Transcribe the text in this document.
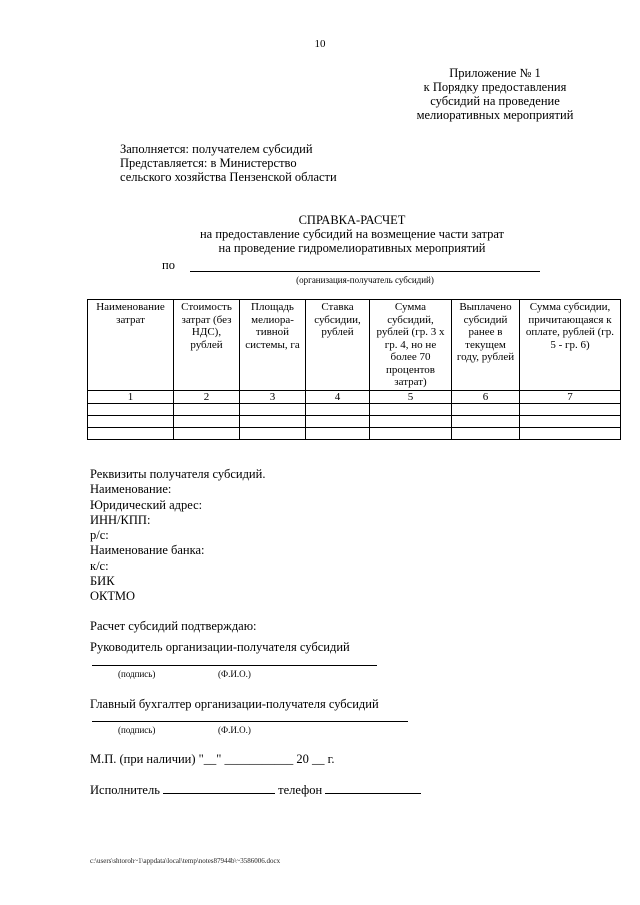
10
Приложение № 1
к Порядку предоставления
субсидий на проведение
мелиоративных мероприятий
Заполняется: получателем субсидий
Представляется: в Министерство
сельского хозяйства Пензенской области
СПРАВКА-РАСЧЕТ
на предоставление субсидий на возмещение части затрат
на проведение гидромелиоративных мероприятий
по
(организация-получатель субсидий)
Наименование затрат	Стоимость затрат (без НДС), рублей	Площадь мелиора-тивной системы, га	Ставка субсидии, рублей	Сумма субсидий, рублей (гр. 3 x гр. 4, но не более 70 процентов затрат)	Выплачено субсидий ранее в текущем году, рублей	Сумма субсидии, причитающаяся к оплате, рублей (гр. 5 - гр. 6)
1	2	3	4	5	6	7

Реквизиты получателя субсидий.
Наименование:
Юридический адрес:
ИНН/КПП:
р/с:
Наименование банка:
к/с:
БИК
ОКТМО
Расчет субсидий подтверждаю:
Руководитель организации-получателя субсидий
(подпись)	(Ф.И.О.)
Главный бухгалтер организации-получателя субсидий
(подпись)	(Ф.И.О.)
М.П. (при наличии) "__" ___________ 20 __ г.
Исполнитель	телефон
c:\users\shtoroh~1\appdata\local\temp\notes87944b\~3586006.docx
